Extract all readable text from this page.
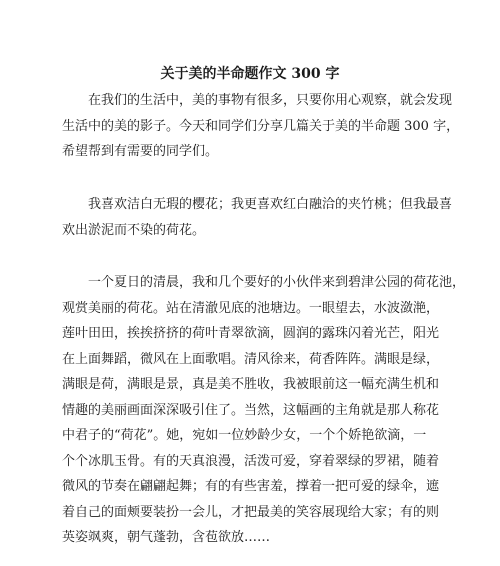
关于美的半命题作文 300 字
在我们的生活中，美的事物有很多，只要你用心观察，就会发现
生活中的美的影子。今天和同学们分享几篇关于美的半命题 300 字，
希望帮到有需要的同学们。
我喜欢洁白无瑕的樱花；我更喜欢红白融洽的夹竹桃；但我最喜
欢出淤泥而不染的荷花。
一个夏日的清晨，我和几个要好的小伙伴来到碧津公园的荷花池，
观赏美丽的荷花。站在清澈见底的池塘边。一眼望去，水波潋滟，
莲叶田田，挨挨挤挤的荷叶青翠欲滴，圆润的露珠闪着光芒，阳光
在上面舞蹈，微风在上面歌唱。清风徐来，荷香阵阵。满眼是绿，
满眼是荷，满眼是景，真是美不胜收，我被眼前这一幅充满生机和
情趣的美丽画面深深吸引住了。当然，这幅画的主角就是那人称花
中君子的“荷花”。她，宛如一位妙龄少女，一个个娇艳欲滴，一
个个冰肌玉骨。有的天真浪漫，活泼可爱，穿着翠绿的罗裙，随着
微风的节奏在翩翩起舞；有的有些害羞，撑着一把可爱的绿伞，遮
着自己的面颊要装扮一会儿，才把最美的笑容展现给大家；有的则
英姿飒爽，朝气蓬勃，含苞欲放……
